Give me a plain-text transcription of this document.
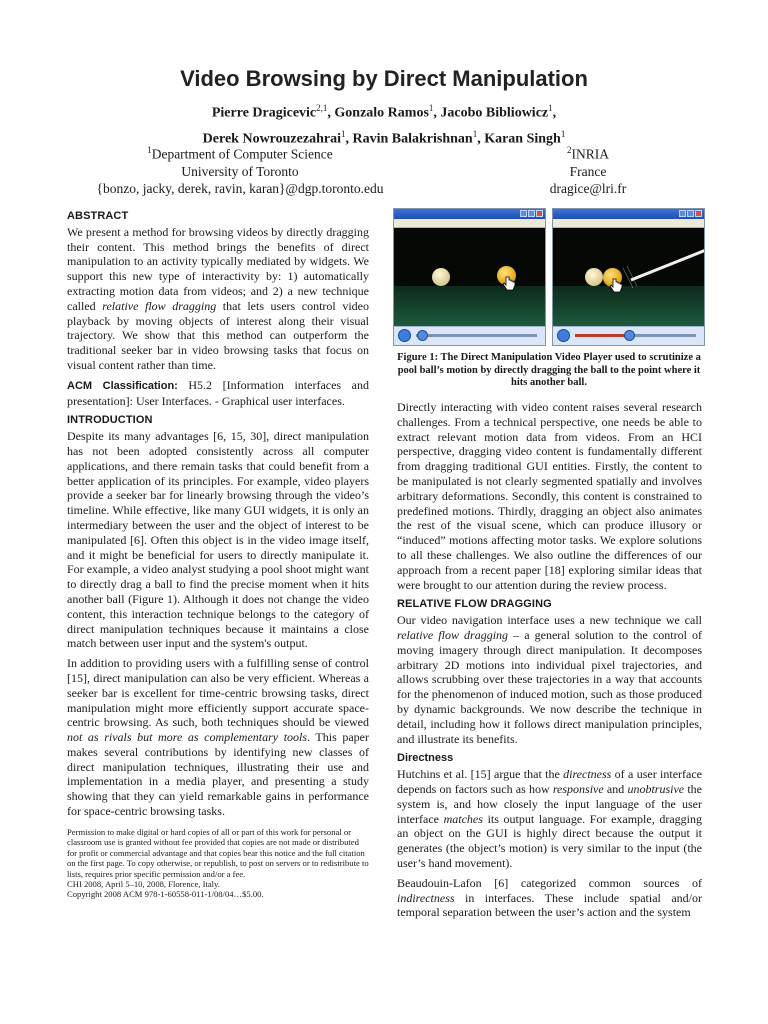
Video Browsing by Direct Manipulation
Pierre Dragicevic$^{2,1}$, Gonzalo Ramos$^1$, Jacobo Bibliowicz$^1$,
Derek Nowrouzezahrai$^1$, Ravin Balakrishnan$^1$, Karan Singh$^1$
$^1$Department of Computer Science
University of Toronto
{bonzo, jacky, derek, ravin, karan}@dgp.toronto.edu
$^2$INRIA
France
dragice@lri.fr
ABSTRACT

We present a method for browsing videos by directly dragging their content. This method brings the benefits of direct manipulation to an activity typically mediated by widgets. We support this new type of interactivity by: 1) automatically extracting motion data from videos; and 2) a new technique called relative flow dragging that lets users control video playback by moving objects of interest along their visual trajectory. We show that this method can outperform the traditional seeker bar in video browsing tasks that focus on visual content rather than time.

ACM Classification: H5.2 [Information interfaces and presentation]: User Interfaces. - Graphical user interfaces.

INTRODUCTION

Despite its many advantages [6, 15, 30], direct manipulation has not been adopted consistently across all computer applications, and there remain tasks that could benefit from a better application of its principles. For example, video players provide a seeker bar for linearly browsing through the video’s timeline. While effective, like many GUI widgets, it is only an intermediary between the user and the object of interest to be manipulated [6]. Often this object is in the video image itself, and it might be beneficial for users to directly manipulate it. For example, a video analyst studying a pool shoot might want to directly drag a ball to find the precise moment when it hits another ball (Figure 1). Although it does not change the video content, this interaction technique belongs to the category of direct manipulation techniques because it maintains a close match between user input and the system's output.

In addition to providing users with a fulfilling sense of control [15], direct manipulation can also be very efficient. Whereas a seeker bar is excellent for time-centric browsing tasks, direct manipulation might more efficiently support accurate space-centric browsing. As such, both techniques should be viewed not as rivals but more as complementary tools. This paper makes several contributions by identifying new classes of direct manipulation techniques, illustrating their use and implementation in a media player, and presenting a study showing that they can yield remarkable gains in performance for space-centric browsing tasks.

Permission to make digital or hard copies of all or part of this work for personal or classroom use is granted without fee provided that copies are not made or distributed for profit or commercial advantage and that copies bear this notice and the full citation on the first page. To copy otherwise, or republish, to post on servers or to redistribute to lists, requires prior specific permission and/or a fee.
CHI 2008, April 5–10, 2008, Florence, Italy.
Copyright 2008 ACM 978-1-60558-011-1/08/04…$5.00.
Figure 1: The Direct Manipulation Video Player used to scrutinize a pool ball’s motion by directly dragging the ball to the point where it hits another ball.

Directly interacting with video content raises several research challenges. From a technical perspective, one needs be able to extract relevant motion data from videos. From an HCI perspective, dragging video content is fundamentally different from dragging traditional GUI entities. Firstly, the content to be manipulated is not clearly segmented spatially and involves arbitrary deformations. Secondly, this content is constrained to predefined motions. Thirdly, dragging an object also animates the rest of the visual scene, which can produce illusory or “induced” motions affecting motor tasks. We explore solutions to all these challenges. We also outline the differences of our approach from a recent paper [18] exploring similar ideas that were brought to our attention during the review process.

RELATIVE FLOW DRAGGING

Our video navigation interface uses a new technique we call relative flow dragging – a general solution to the control of moving imagery through direct manipulation. It decomposes arbitrary 2D motions into individual pixel trajectories, and allows scrubbing over these trajectories in a way that accounts for the phenomenon of induced motion, such as those produced by dynamic backgrounds. We now describe the technique in detail, including how it follows direct manipulation principles, and illustrate its benefits.

Directness

Hutchins et al. [15] argue that the directness of a user interface depends on factors such as how responsive and unobtrusive the system is, and how closely the input language of the user interface matches its output language. For example, dragging an object on the GUI is highly direct because the output it generates (the object’s motion) is very similar to the input (the user’s hand movement).

Beaudouin-Lafon [6] categorized common sources of indirectness in interfaces. These include spatial and/or temporal separation between the user’s action and the system
